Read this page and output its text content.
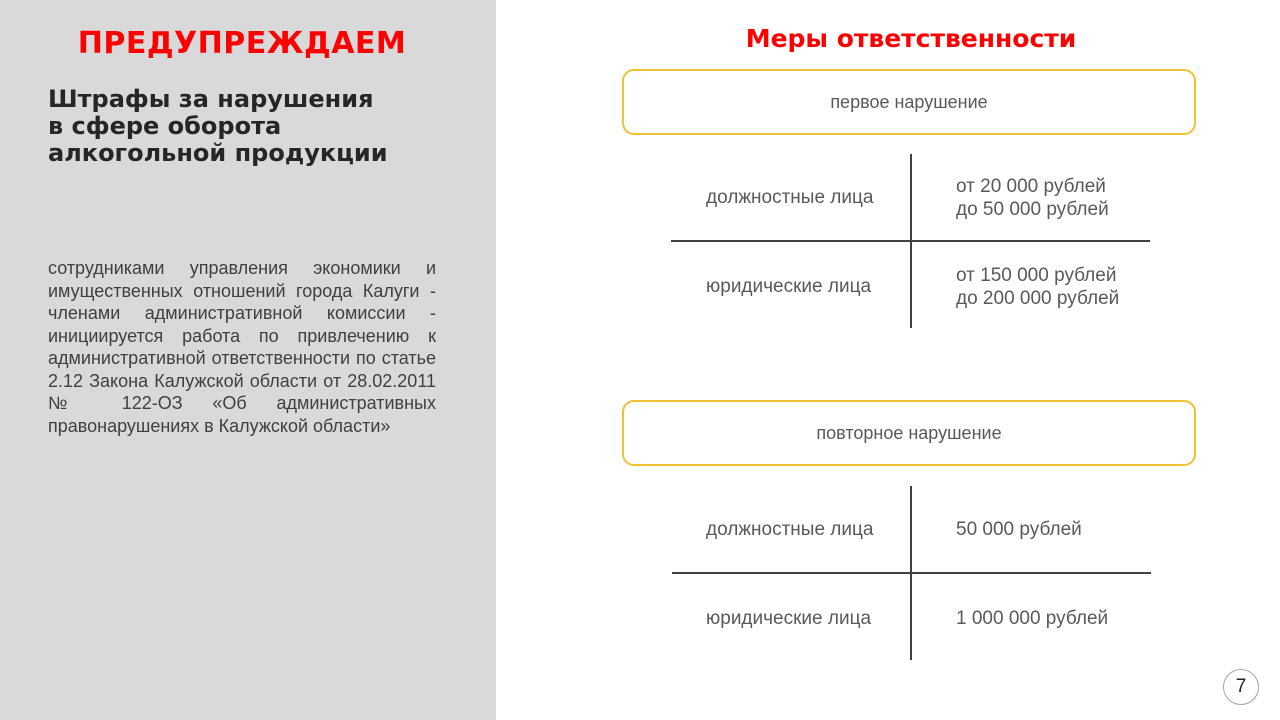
ПРЕДУПРЕЖДАЕМ
Штрафы за нарушения
в сфере оборота
алкогольной продукции

сотрудниками управления экономики и имущественных отношений города Калуги - членами административной комиссии - инициируется работа по привлечению к административной ответственности по статье 2.12 Закона Калужской области от 28.02.2011 № 122-ОЗ «Об административных правонарушениях в Калужской области»

Меры ответственности
первое нарушение
должностные лица
от 20 000 рублей
до 50 000 рублей
юридические лица
от 150 000 рублей
до 200 000 рублей
повторное нарушение
должностные лица	50 000 рублей
юридические лица	1 000 000 рублей
7
